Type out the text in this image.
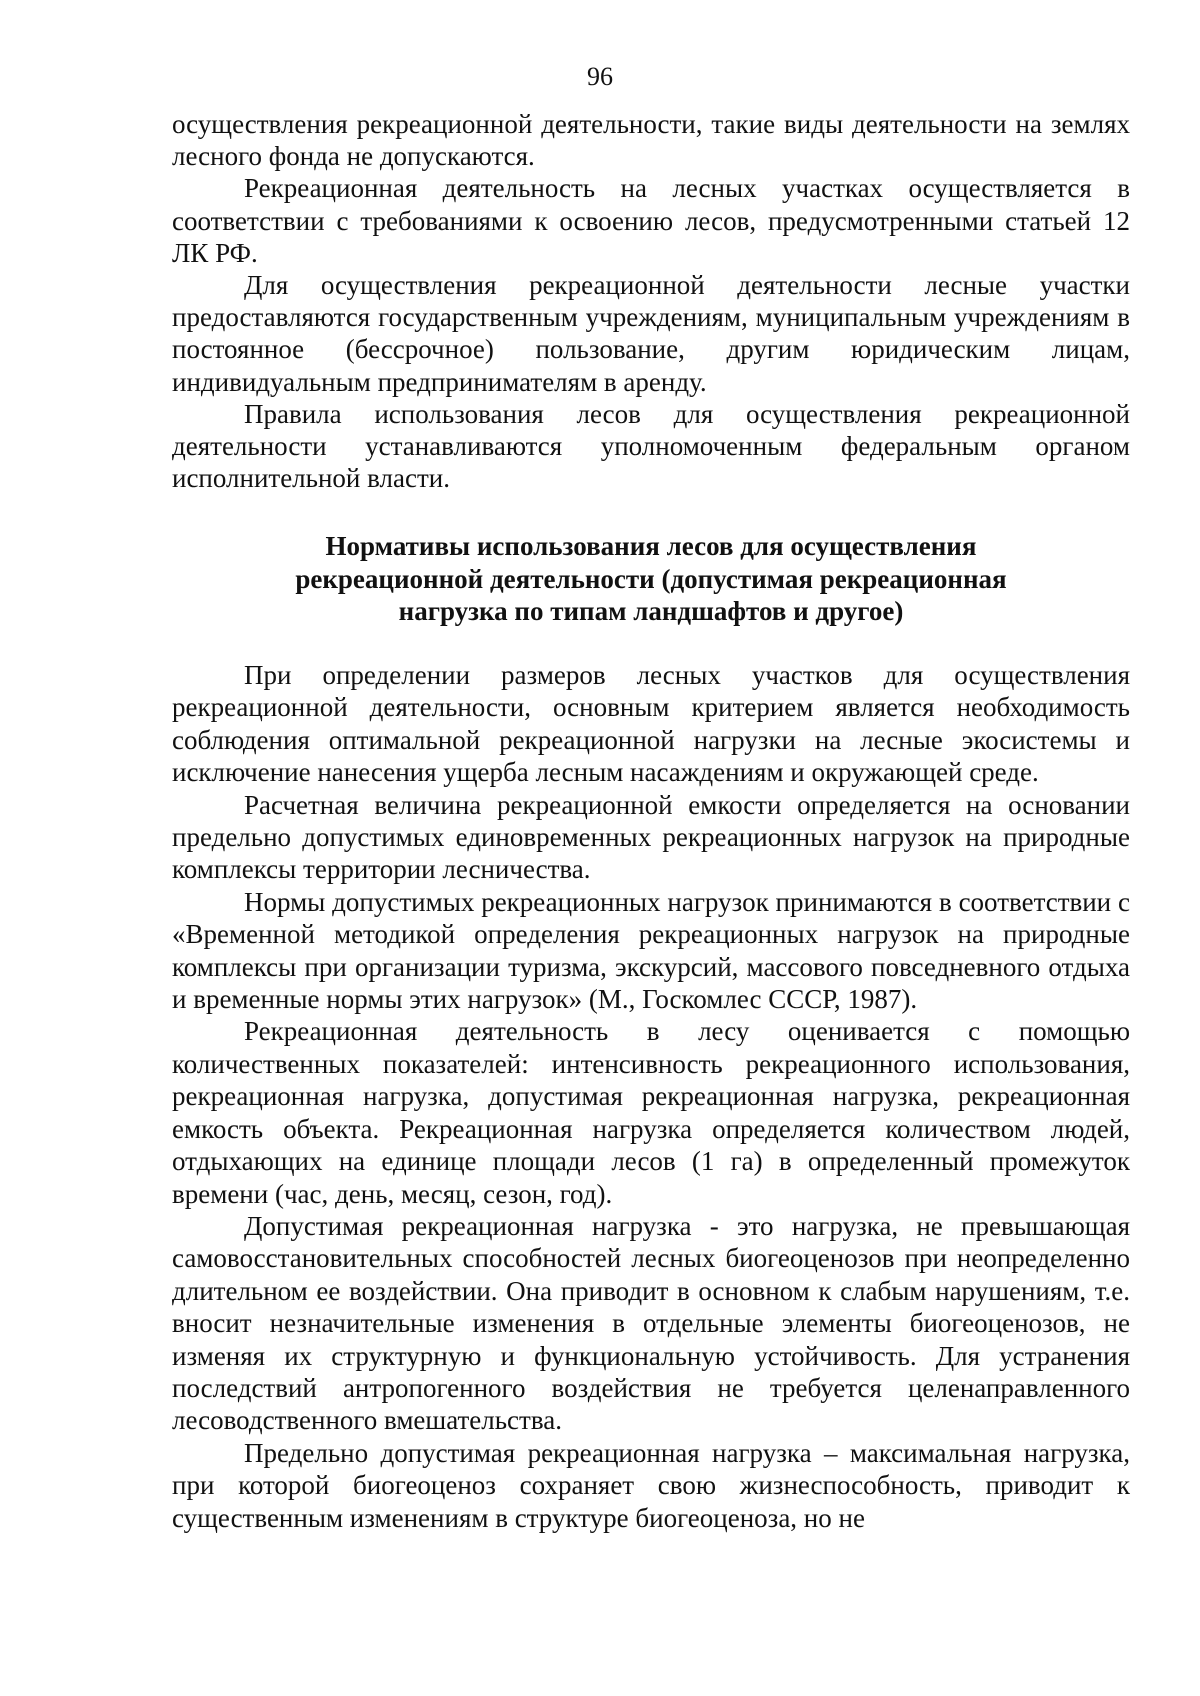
96

осуществления рекреационной деятельности, такие виды деятельности на землях лесного фонда не допускаются.

Рекреационная деятельность на лесных участках осуществляется в соответствии с требованиями к освоению лесов, предусмотренными статьей 12 ЛК РФ.

Для осуществления рекреационной деятельности лесные участки предоставляются государственным учреждениям, муниципальным учреждениям в постоянное (бессрочное) пользование, другим юридическим лицам, индивидуальным предпринимателям в аренду.

Правила использования лесов для осуществления рекреационной деятельности устанавливаются уполномоченным федеральным органом исполнительной власти.

Нормативы использования лесов для осуществления
рекреационной деятельности (допустимая рекреационная
нагрузка по типам ландшафтов и другое)

При определении размеров лесных участков для осуществления рекреационной деятельности, основным критерием является необходимость соблюдения оптимальной рекреационной нагрузки на лесные экосистемы и исключение нанесения ущерба лесным насаждениям и окружающей среде.

Расчетная величина рекреационной емкости определяется на основании предельно допустимых единовременных рекреационных нагрузок на природные комплексы территории лесничества.

Нормы допустимых рекреационных нагрузок принимаются в соответствии с «Временной методикой определения рекреационных нагрузок на природные комплексы при организации туризма, экскурсий, массового повседневного отдыха и временные нормы этих нагрузок» (М., Госкомлес СССР, 1987).

Рекреационная деятельность в лесу оценивается с помощью количественных показателей: интенсивность рекреационного использования, рекреационная нагрузка, допустимая рекреационная нагрузка, рекреационная емкость объекта. Рекреационная нагрузка определяется количеством людей, отдыхающих на единице площади лесов (1 га) в определенный промежуток времени (час, день, месяц, сезон, год).

Допустимая рекреационная нагрузка - это нагрузка, не превышающая самовосстановительных способностей лесных биогеоценозов при неопределенно длительном ее воздействии. Она приводит в основном к слабым нарушениям, т.е. вносит незначительные изменения в отдельные элементы биогеоценозов, не изменяя их структурную и функциональную устойчивость. Для устранения последствий антропогенного воздействия не требуется целенаправленного лесоводственного вмешательства.

Предельно допустимая рекреационная нагрузка – максимальная нагрузка, при которой биогеоценоз сохраняет свою жизнеспособность, приводит к существенным изменениям в структуре биогеоценоза, но не
